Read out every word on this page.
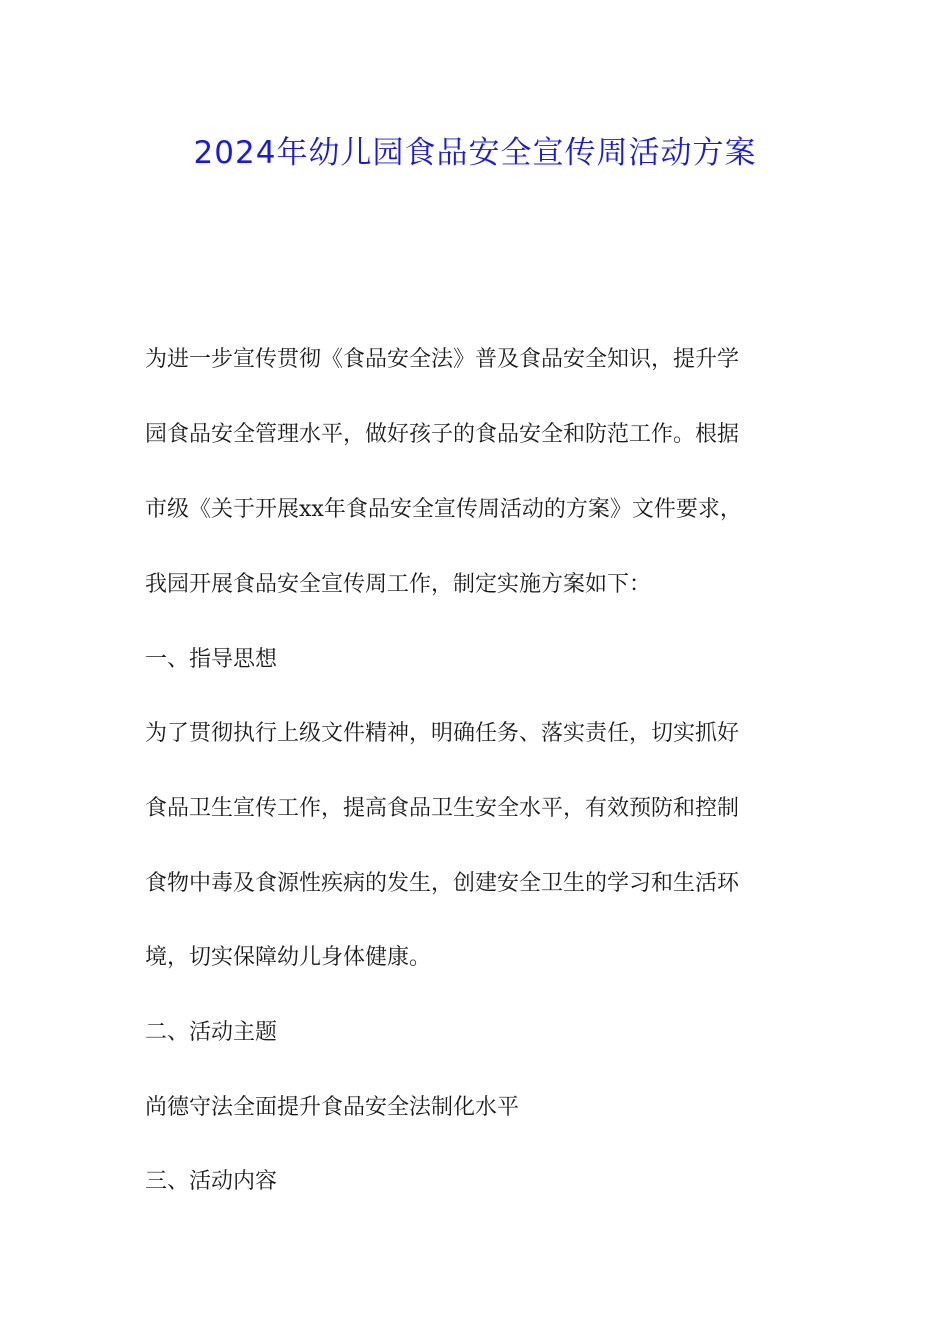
2024年幼儿园食品安全宣传周活动方案
为进一步宣传贯彻《食品安全法》普及食品安全知识，提升学
园食品安全管理水平，做好孩子的食品安全和防范工作。根据
市级《关于开展xx年食品安全宣传周活动的方案》文件要求，
我园开展食品安全宣传周工作，制定实施方案如下：
一、指导思想
为了贯彻执行上级文件精神，明确任务、落实责任，切实抓好
食品卫生宣传工作，提高食品卫生安全水平，有效预防和控制
食物中毒及食源性疾病的发生，创建安全卫生的学习和生活环
境，切实保障幼儿身体健康。
二、活动主题
尚德守法全面提升食品安全法制化水平
三、活动内容
